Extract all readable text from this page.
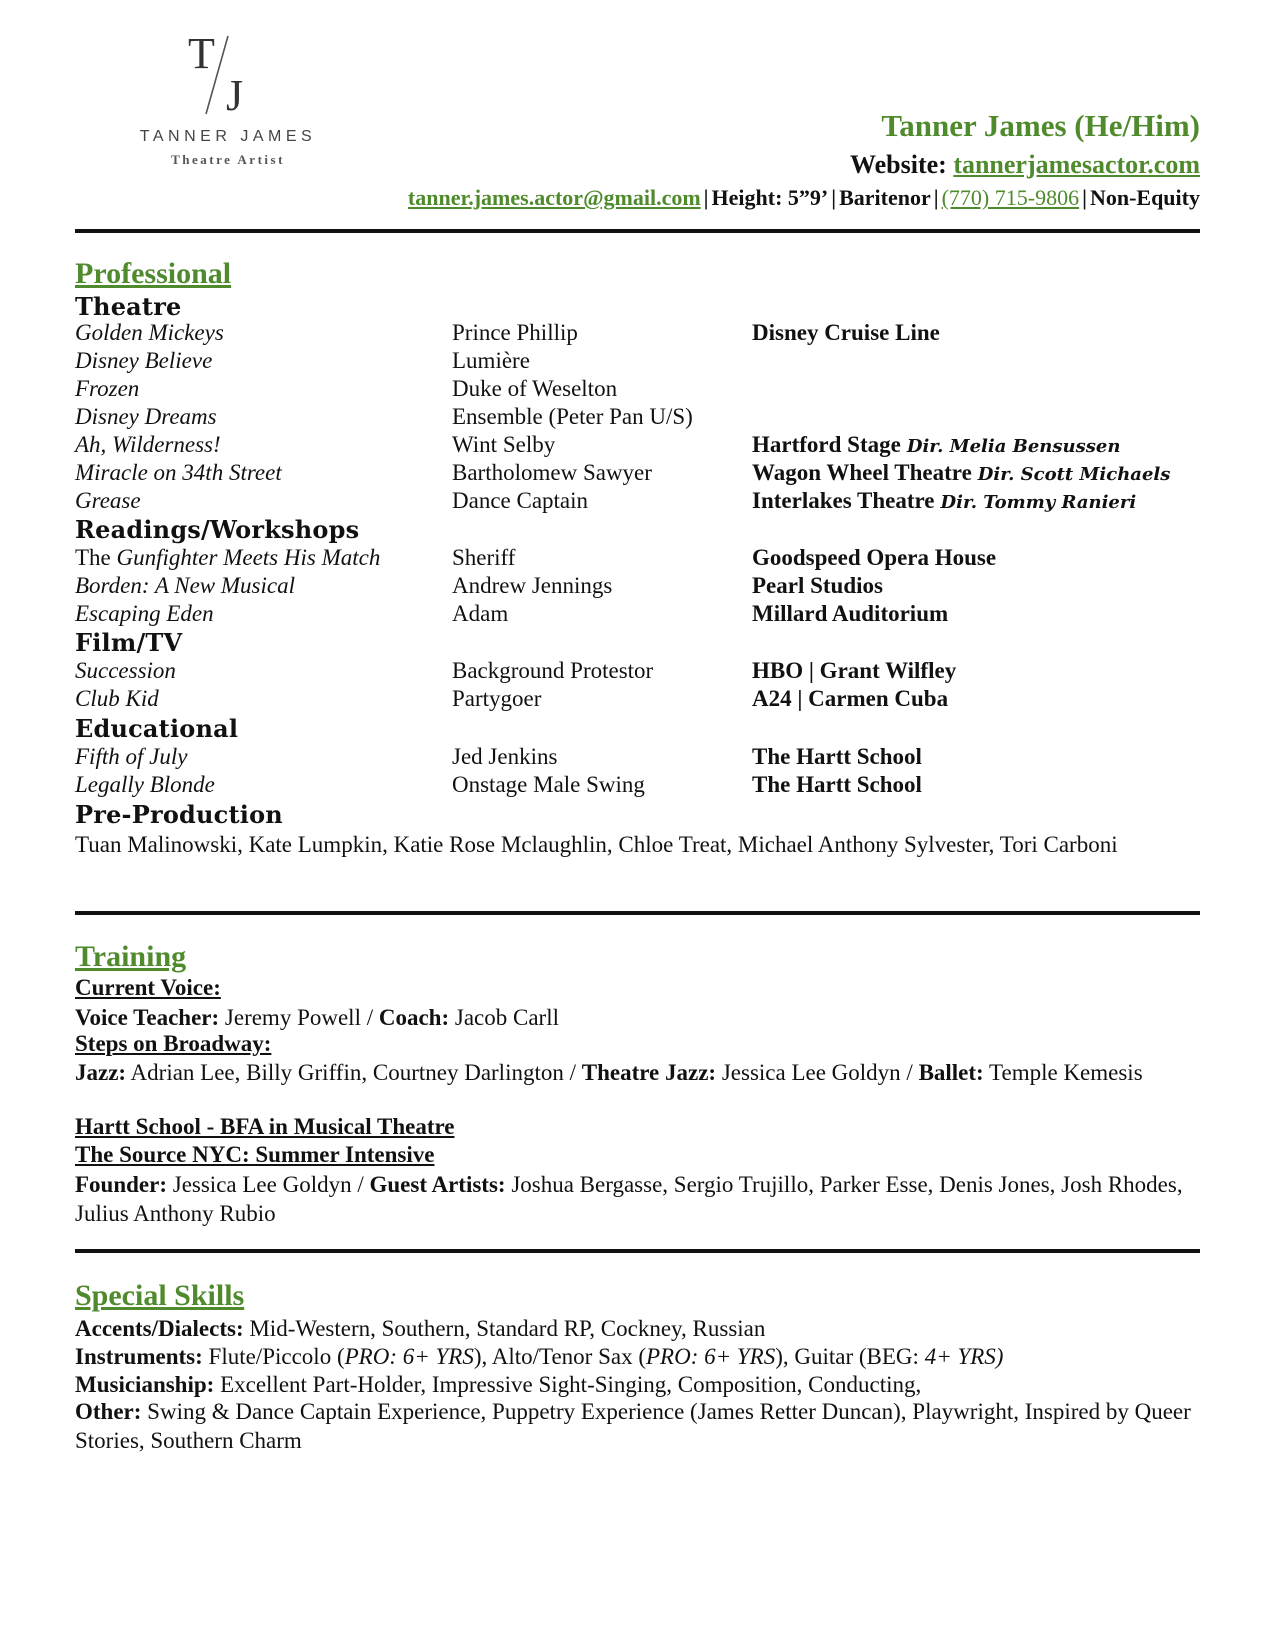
T
J
TANNER JAMES
Theatre Artist
Tanner James (He/Him)
Website: tannerjamesactor.com
tanner.james.actor@gmail.com | Height: 5”9’ | Baritenor | (770) 715-9806 | Non-Equity
Professional
Theatre
Golden Mickeys	Prince Phillip	Disney Cruise Line
Disney Believe	Lumière
Frozen	Duke of Weselton
Disney Dreams	Ensemble (Peter Pan U/S)
Ah, Wilderness!	Wint Selby	Hartford Stage Dir. Melia Bensussen
Miracle on 34th Street	Bartholomew Sawyer	Wagon Wheel Theatre Dir. Scott Michaels
Grease	Dance Captain	Interlakes Theatre Dir. Tommy Ranieri
Readings/Workshops
The Gunfighter Meets His Match	Sheriff	Goodspeed Opera House
Borden: A New Musical	Andrew Jennings	Pearl Studios
Escaping Eden	Adam	Millard Auditorium
Film/TV
Succession	Background Protestor	HBO | Grant Wilfley
Club Kid	Partygoer	A24 | Carmen Cuba
Educational
Fifth of July	Jed Jenkins	The Hartt School
Legally Blonde	Onstage Male Swing	The Hartt School
Pre-Production
Tuan Malinowski, Kate Lumpkin, Katie Rose Mclaughlin, Chloe Treat, Michael Anthony Sylvester, Tori Carboni
Training
Current Voice:
Voice Teacher: Jeremy Powell / Coach: Jacob Carll
Steps on Broadway:
Jazz: Adrian Lee, Billy Griffin, Courtney Darlington / Theatre Jazz: Jessica Lee Goldyn / Ballet: Temple Kemesis
Hartt School - BFA in Musical Theatre
The Source NYC: Summer Intensive
Founder: Jessica Lee Goldyn / Guest Artists: Joshua Bergasse, Sergio Trujillo, Parker Esse, Denis Jones, Josh Rhodes, Julius Anthony Rubio
Special Skills
Accents/Dialects: Mid-Western, Southern, Standard RP, Cockney, Russian
Instruments: Flute/Piccolo (PRO: 6+ YRS), Alto/Tenor Sax (PRO: 6+ YRS), Guitar (BEG: 4+ YRS)
Musicianship: Excellent Part-Holder, Impressive Sight-Singing, Composition, Conducting,
Other: Swing & Dance Captain Experience, Puppetry Experience (James Retter Duncan), Playwright, Inspired by Queer Stories, Southern Charm
